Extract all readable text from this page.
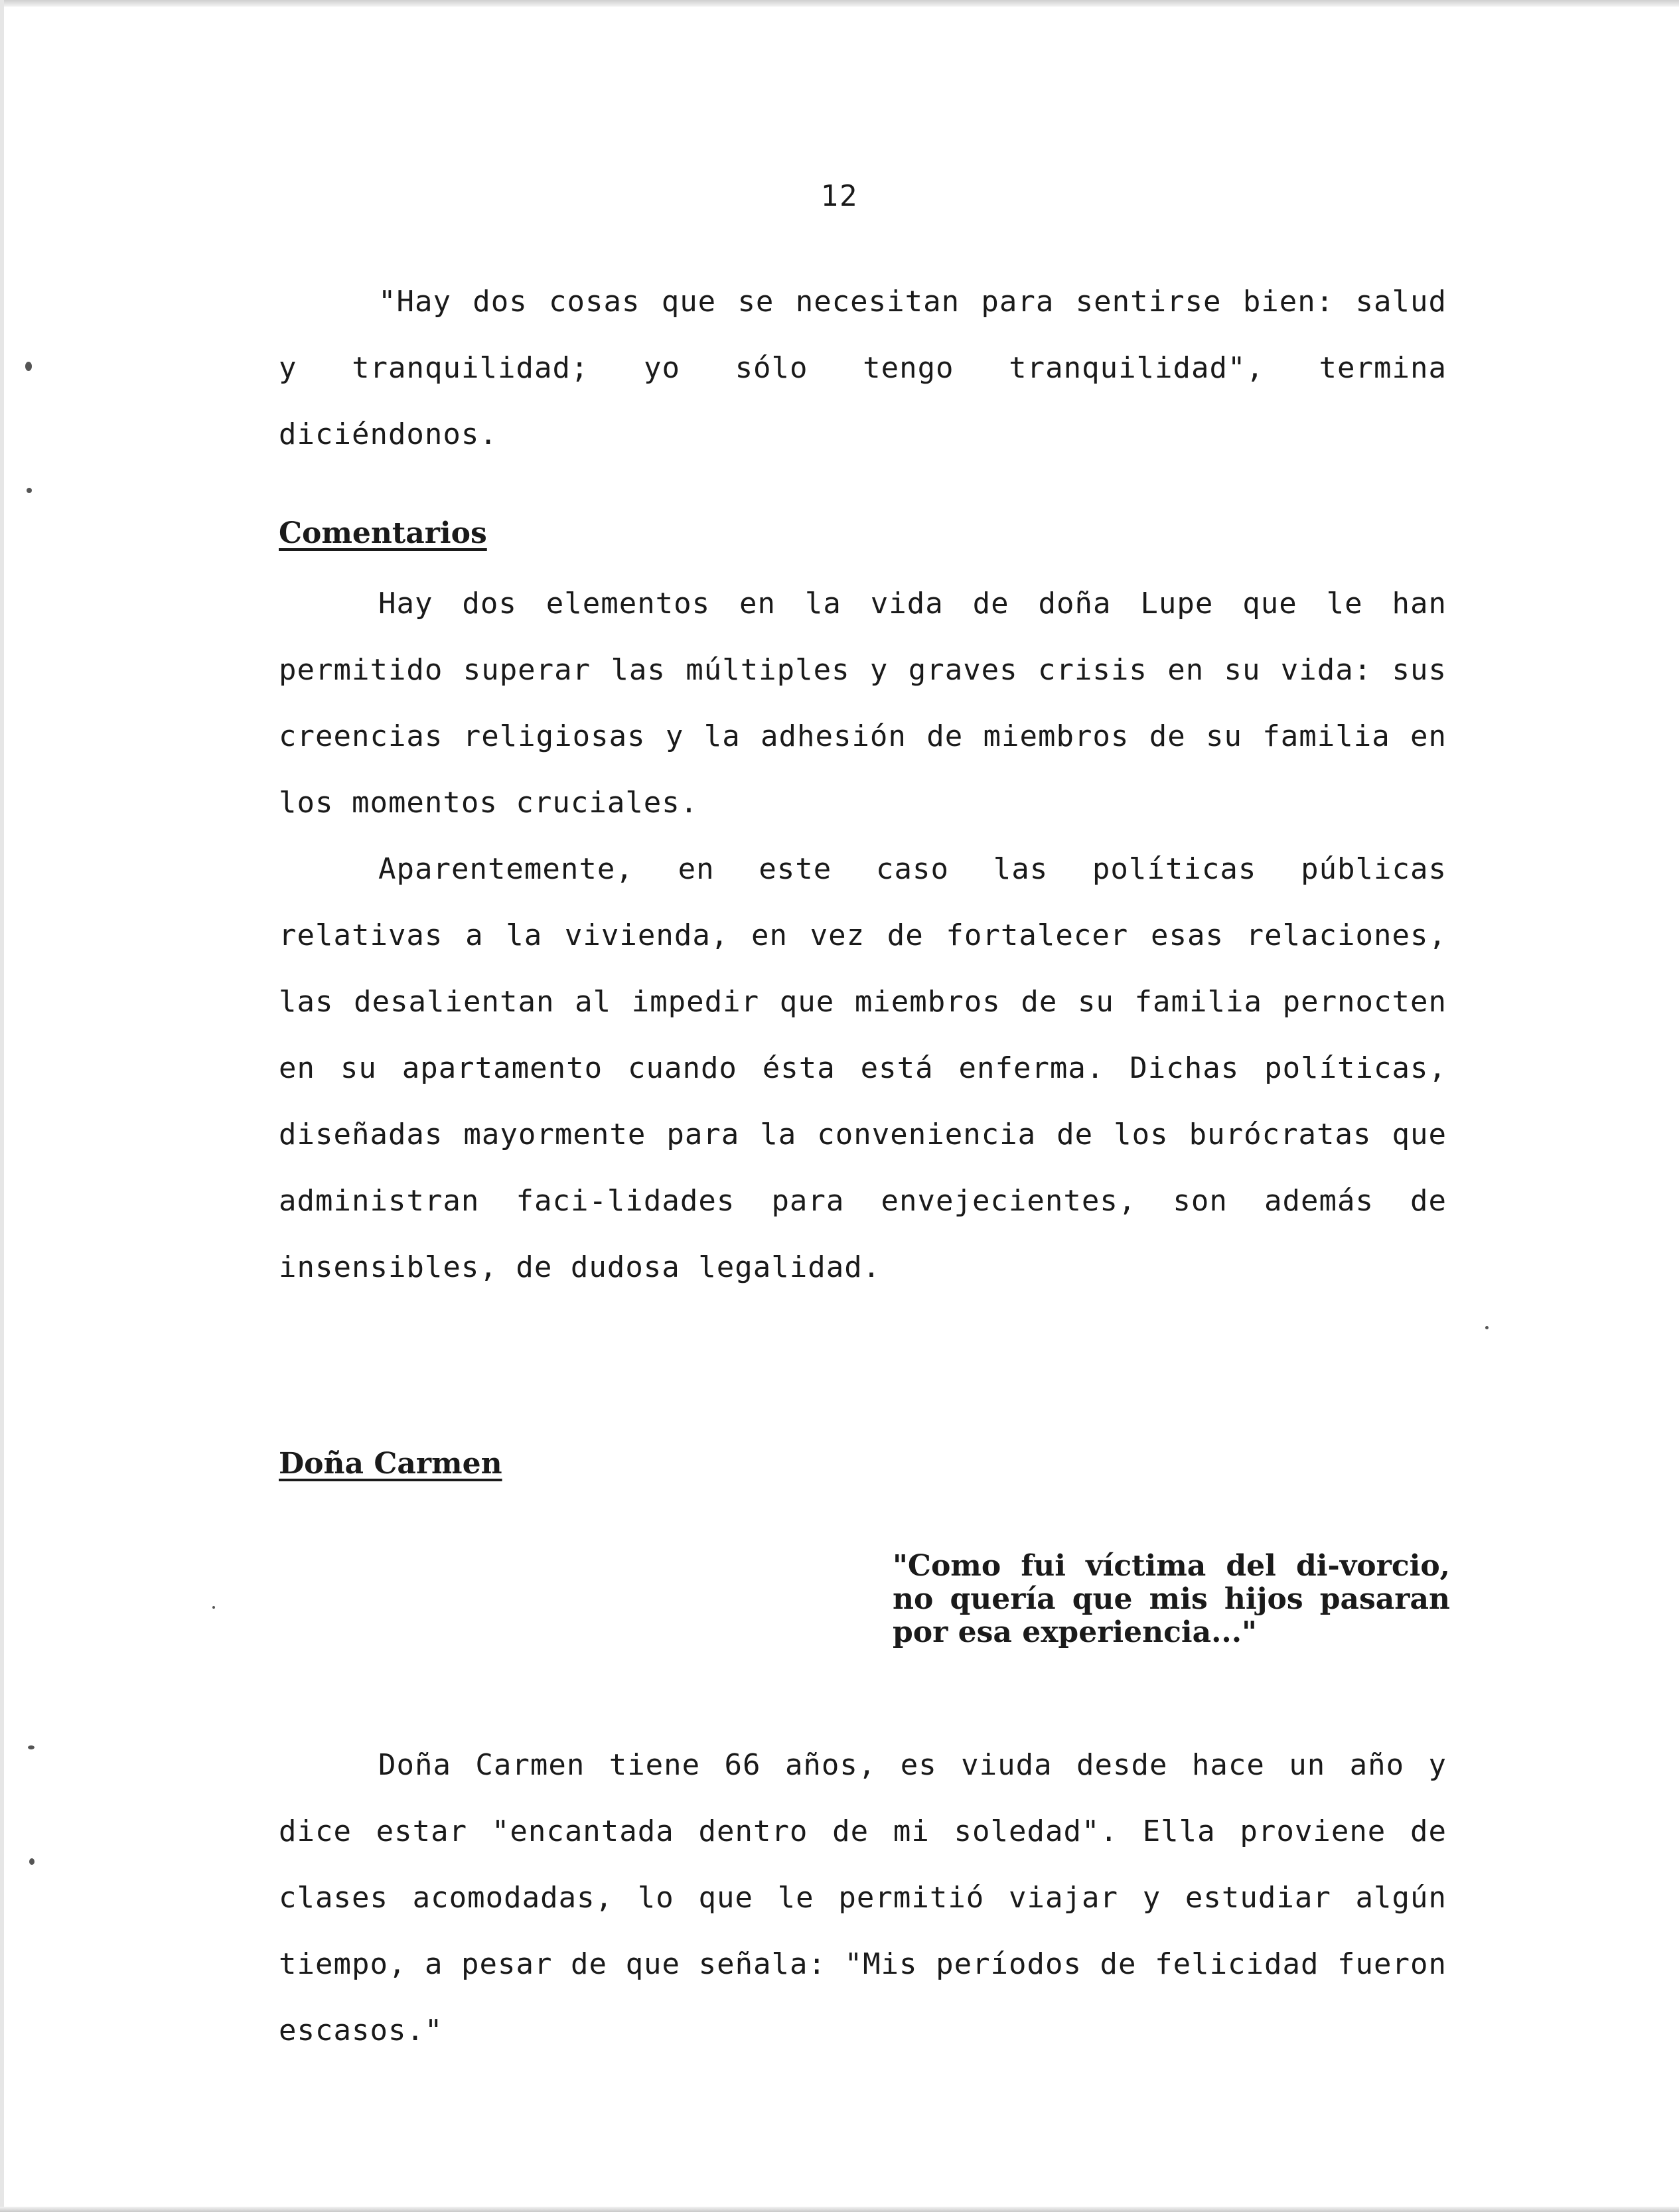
12

"Hay dos cosas que se necesitan para sentirse bien: salud y tranquilidad; yo sólo tengo tranquilidad", termina diciéndonos.

Comentarios

Hay dos elementos en la vida de doña Lupe que le han permitido superar las múltiples y graves crisis en su vida: sus creencias religiosas y la adhesión de miembros de su familia en los momentos cruciales.

Aparentemente, en este caso las políticas públicas relativas a la vivienda, en vez de fortalecer esas relaciones, las desalientan al impedir que miembros de su familia pernocten en su apartamento cuando ésta está enferma. Dichas políticas, diseñadas mayormente para la conveniencia de los burócratas que administran faci-lidades para envejecientes, son además de insensibles, de dudosa legalidad.

Doña Carmen

"Como fui víctima del di-vorcio, no quería que mis hijos pasaran por esa experiencia..."

Doña Carmen tiene 66 años, es viuda desde hace un año y dice estar "encantada dentro de mi soledad". Ella proviene de clases acomodadas, lo que le permitió viajar y estudiar algún tiempo, a pesar de que señala: "Mis períodos de felicidad fueron escasos."
